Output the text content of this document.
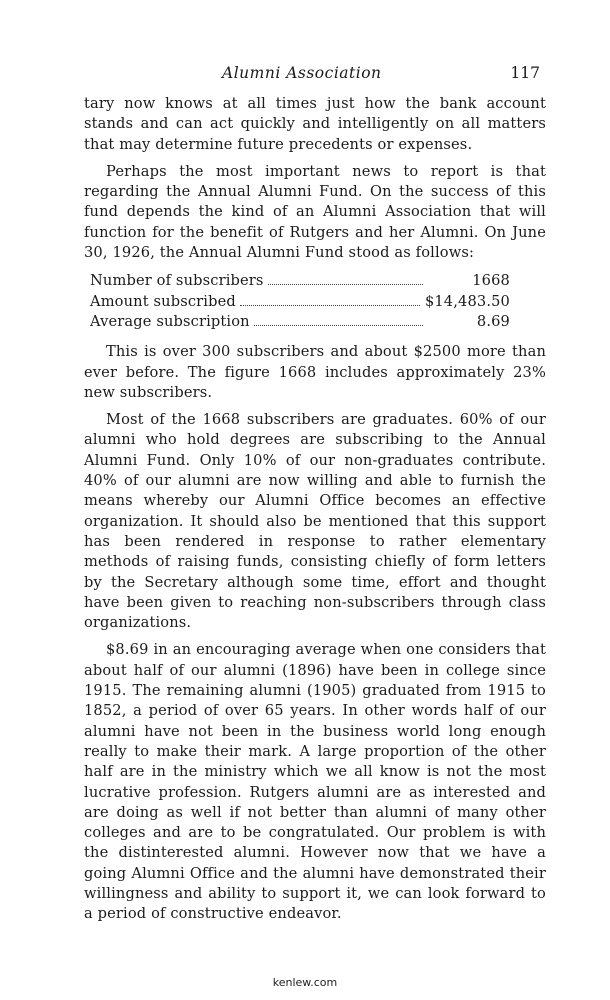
Alumni Association	117

tary now knows at all times just how the bank account stands and can act quickly and intelligently on all matters that may determine future precedents or expenses.

Perhaps the most important news to report is that regarding the Annual Alumni Fund. On the success of this fund depends the kind of an Alumni Association that will function for the benefit of Rutgers and her Alumni. On June 30, 1926, the Annual Alumni Fund stood as follows:

Number of subscribers	1668
Amount subscribed	$14,483.50
Average subscription	8.69

This is over 300 subscribers and about $2500 more than ever before. The figure 1668 includes approximately 23% new subscribers.

Most of the 1668 subscribers are graduates. 60% of our alumni who hold degrees are subscribing to the Annual Alumni Fund. Only 10% of our non-graduates contribute. 40% of our alumni are now willing and able to furnish the means whereby our Alumni Office becomes an effective organization. It should also be mentioned that this support has been rendered in response to rather elementary methods of raising funds, consisting chiefly of form letters by the Secretary although some time, effort and thought have been given to reaching non-subscribers through class organizations.

$8.69 in an encouraging average when one considers that about half of our alumni (1896) have been in college since 1915. The remaining alumni (1905) graduated from 1915 to 1852, a period of over 65 years. In other words half of our alumni have not been in the business world long enough really to make their mark. A large proportion of the other half are in the ministry which we all know is not the most lucrative profession. Rutgers alumni are as interested and are doing as well if not better than alumni of many other colleges and are to be congratulated. Our problem is with the distinterested alumni. However now that we have a going Alumni Office and the alumni have demonstrated their willingness and ability to support it, we can look forward to a period of constructive endeavor.

kenlew.com
